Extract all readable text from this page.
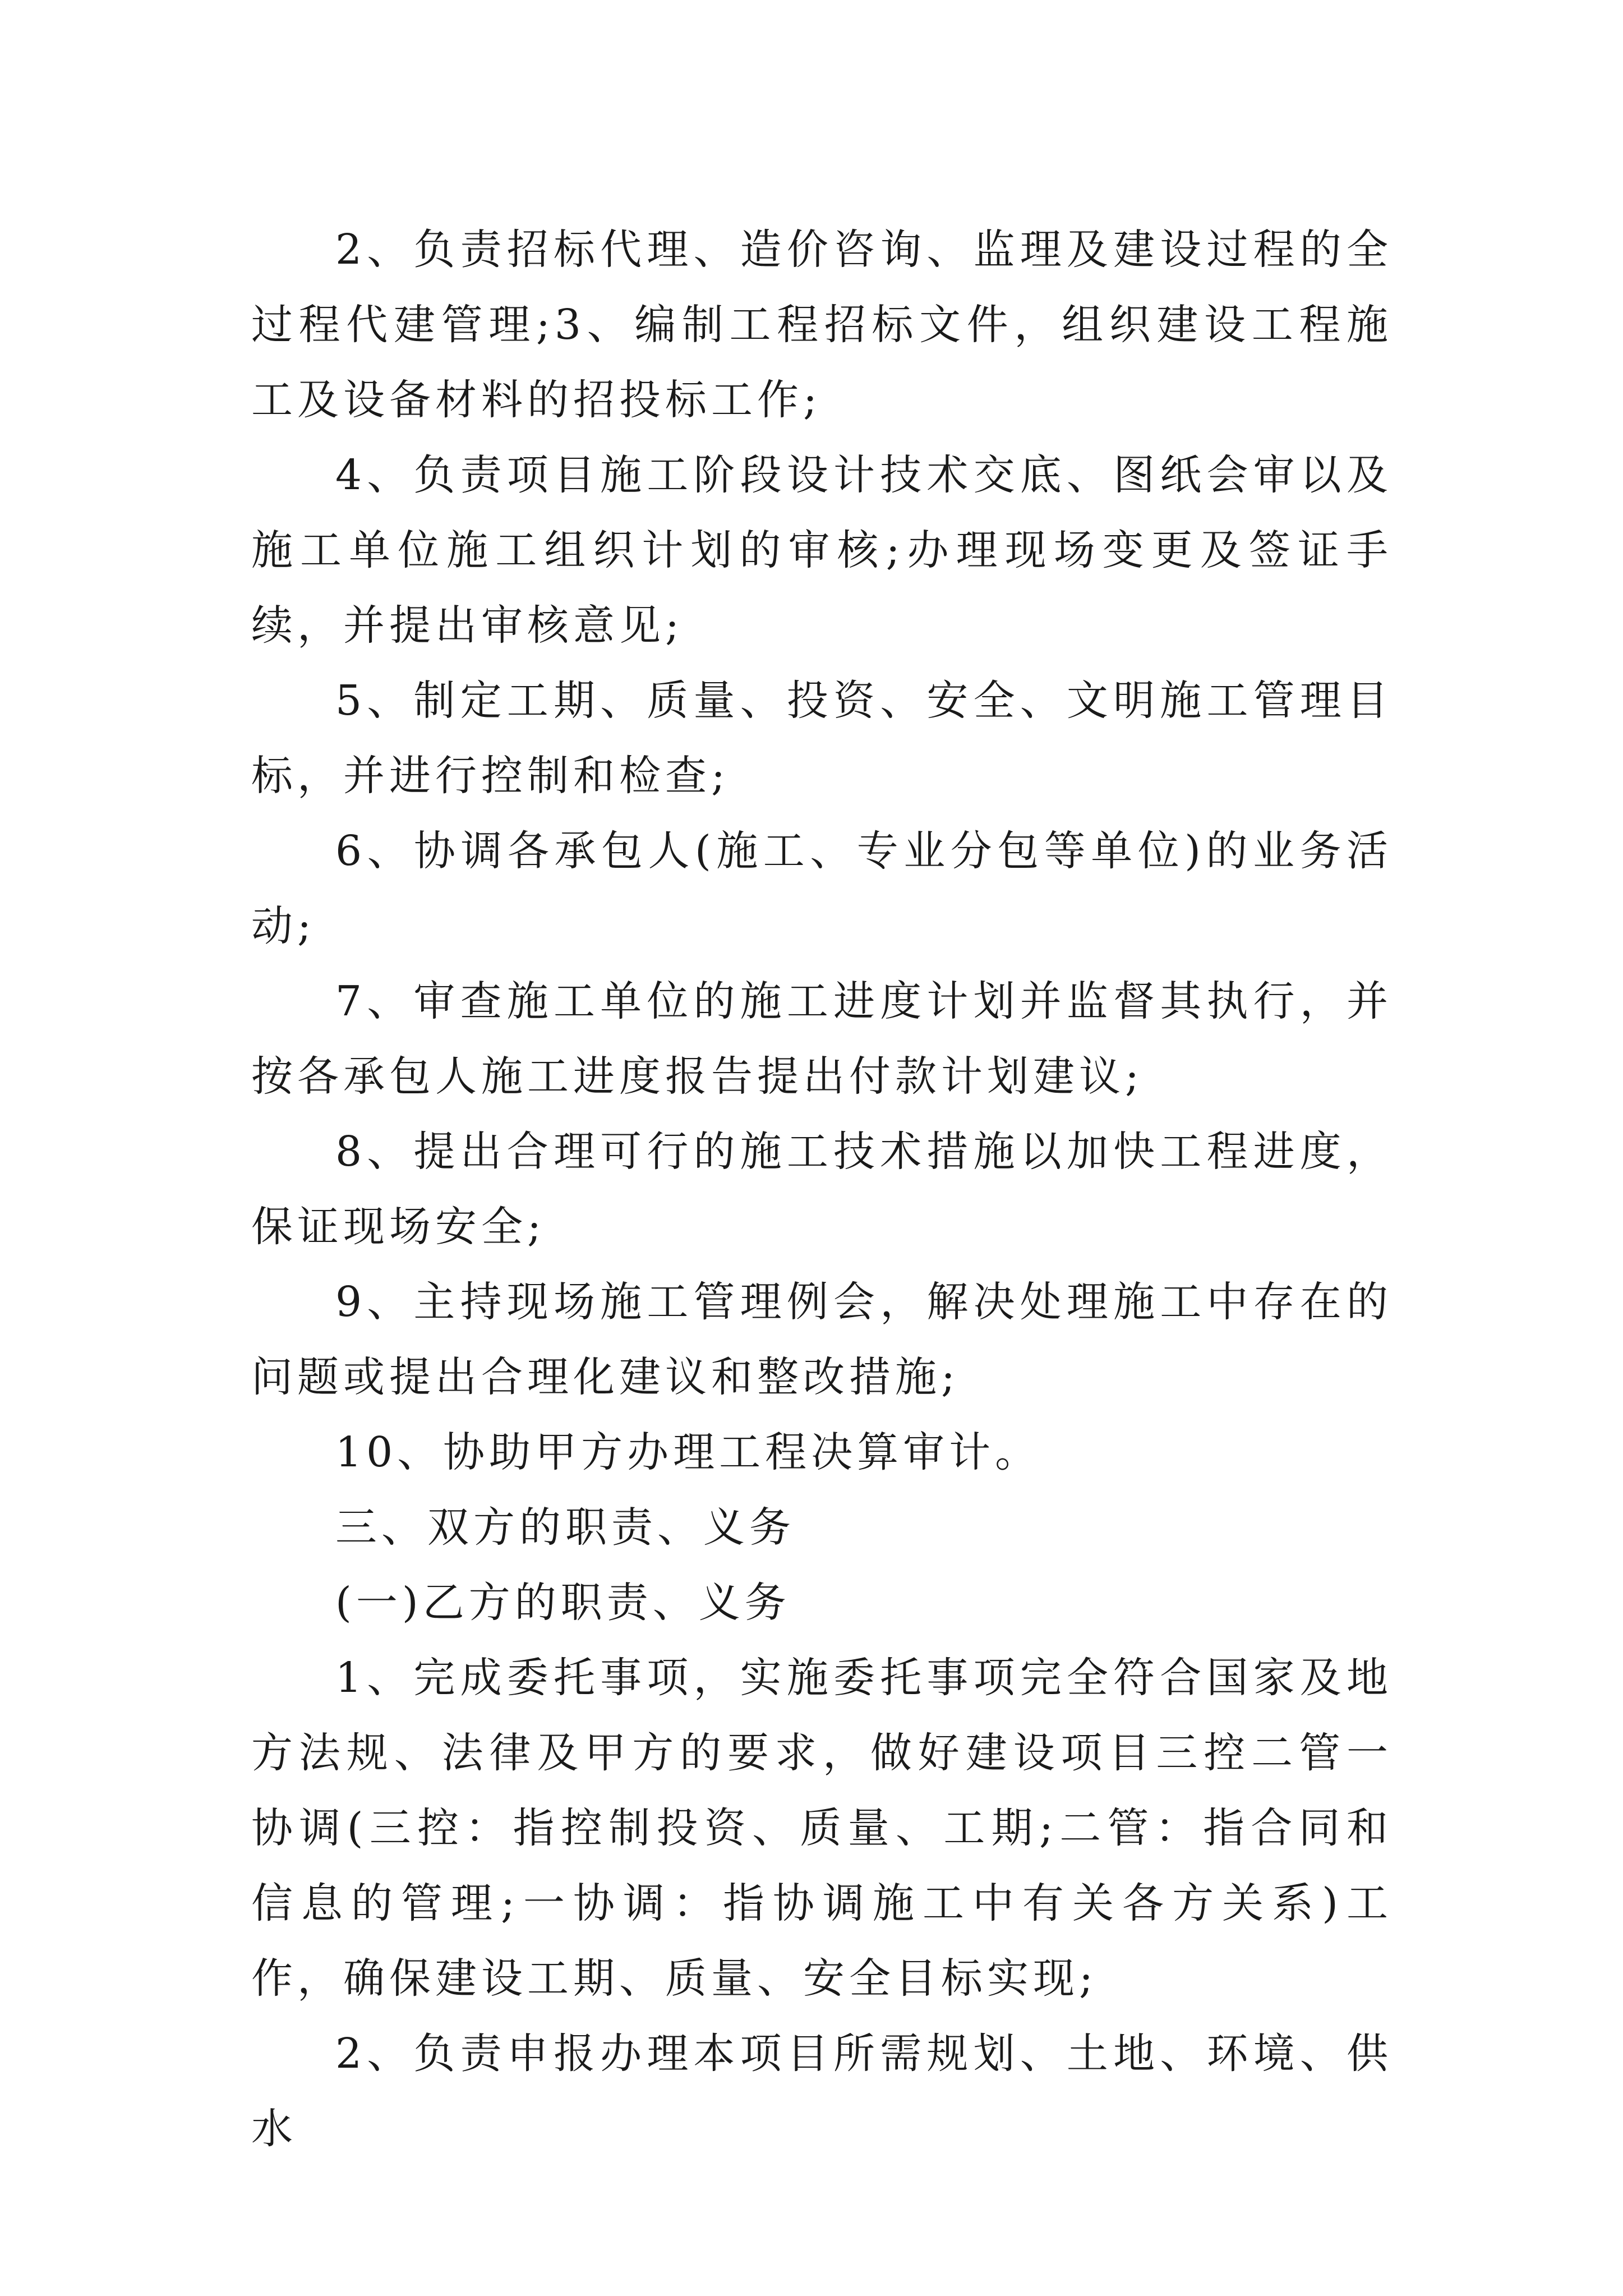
2、负责招标代理、造价咨询、监理及建设过程的全过程代建管理;3、编制工程招标文件，组织建设工程施工及设备材料的招投标工作;

4、负责项目施工阶段设计技术交底、图纸会审以及施工单位施工组织计划的审核;办理现场变更及签证手续，并提出审核意见;

5、制定工期、质量、投资、安全、文明施工管理目标，并进行控制和检查;

6、协调各承包人(施工、专业分包等单位)的业务活动;

7、审查施工单位的施工进度计划并监督其执行，并按各承包人施工进度报告提出付款计划建议;

8、提出合理可行的施工技术措施以加快工程进度，保证现场安全;

9、主持现场施工管理例会，解决处理施工中存在的问题或提出合理化建议和整改措施;

10、协助甲方办理工程决算审计。

三、双方的职责、义务

(一)乙方的职责、义务

1、完成委托事项，实施委托事项完全符合国家及地方法规、法律及甲方的要求，做好建设项目三控二管一协调(三控：指控制投资、质量、工期;二管：指合同和信息的管理;一协调：指协调施工中有关各方关系)工作，确保建设工期、质量、安全目标实现;

2、负责申报办理本项目所需规划、土地、环境、供水
